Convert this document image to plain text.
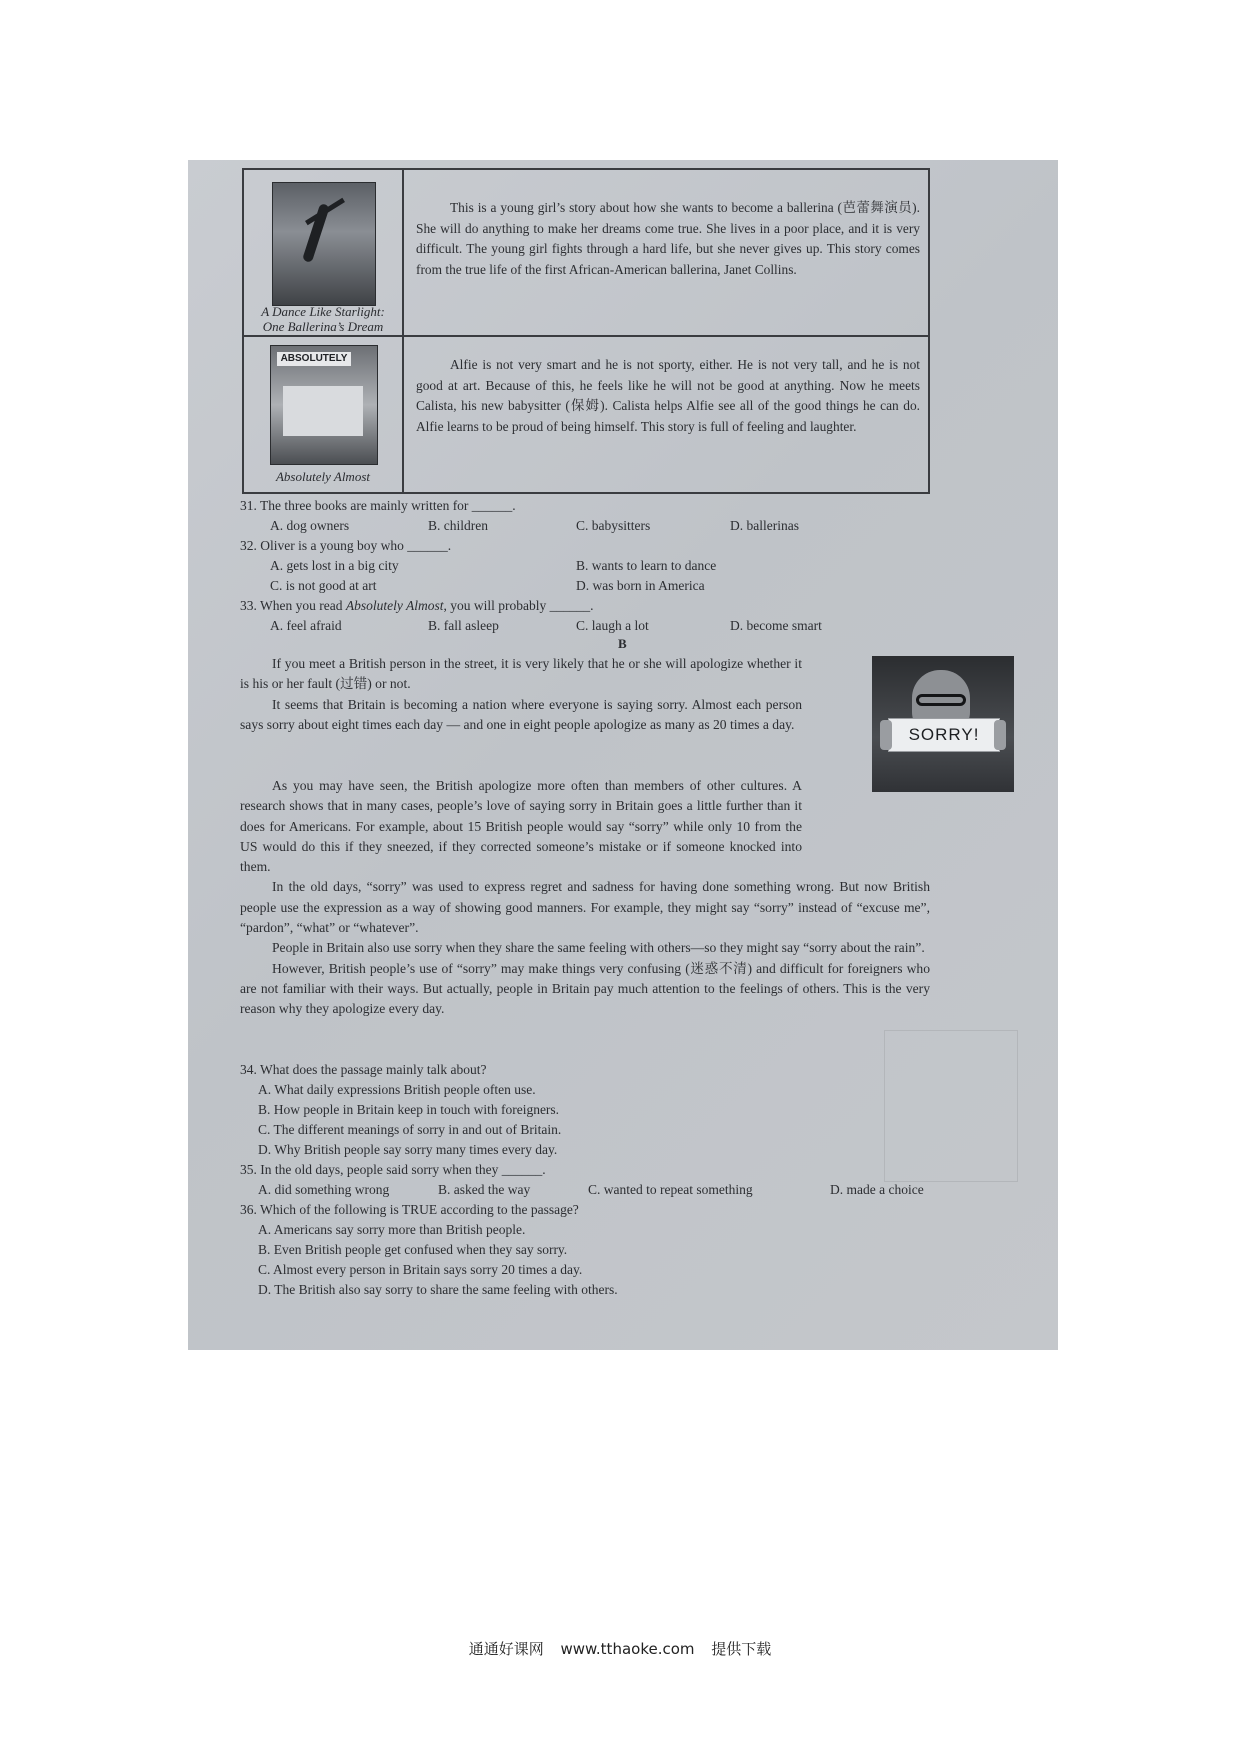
A Dance Like Starlight:
One Ballerina’s Dream

This is a young girl’s story about how she wants to become a ballerina (芭蕾舞演员). She will do anything to make her dreams come true. She lives in a poor place, and it is very difficult. The young girl fights through a hard life, but she never gives up. This story comes from the true life of the first African-American ballerina, Janet Collins.

ABSOLUTELY
Absolutely Almost

Alfie is not very smart and he is not sporty, either. He is not very tall, and he is not good at art. Because of this, he feels like he will not be good at anything. Now he meets Calista, his new babysitter (保姆). Calista helps Alfie see all of the good things he can do. Alfie learns to be proud of being himself. This story is full of feeling and laughter.

31. The three books are mainly written for ______.
A. dog owners	B. children	C. babysitters	D. ballerinas
32. Oliver is a young boy who ______.
A. gets lost in a big city	B. wants to learn to dance
C. is not good at art	D. was born in America
33. When you read Absolutely Almost, you will probably ______.
A. feel afraid	B. fall asleep	C. laugh a lot	D. become smart
B
SORRY!

If you meet a British person in the street, it is very likely that he or she will apologize whether it is his or her fault (过错) or not.

It seems that Britain is becoming a nation where everyone is saying sorry. Almost each person says sorry about eight times each day — and one in eight people apologize as many as 20 times a day.

As you may have seen, the British apologize more often than members of other cultures. A research shows that in many cases, people’s love of saying sorry in Britain goes a little further than it does for Americans. For example, about 15 British people would say “sorry” while only 10 from the US would do this if they sneezed, if they corrected someone’s mistake or if someone knocked into them.

In the old days, “sorry” was used to express regret and sadness for having done something wrong. But now British people use the expression as a way of showing good manners. For example, they might say “sorry” instead of “excuse me”, “pardon”, “what” or “whatever”.

People in Britain also use sorry when they share the same feeling with others—so they might say “sorry about the rain”.

However, British people’s use of “sorry” may make things very confusing (迷惑不清) and difficult for foreigners who are not familiar with their ways. But actually, people in Britain pay much attention to the feelings of others. This is the very reason why they apologize every day.

34. What does the passage mainly talk about?
A. What daily expressions British people often use.
B. How people in Britain keep in touch with foreigners.
C. The different meanings of sorry in and out of Britain.
D. Why British people say sorry many times every day.
35. In the old days, people said sorry when they ______.
A. did something wrong	B. asked the way	C. wanted to repeat something	D. made a choice
36. Which of the following is TRUE according to the passage?
A. Americans say sorry more than British people.
B. Even British people get confused when they say sorry.
C. Almost every person in Britain says sorry 20 times a day.
D. The British also say sorry to share the same feeling with others.
通通好课网 www.tthaoke.com 提供下载
